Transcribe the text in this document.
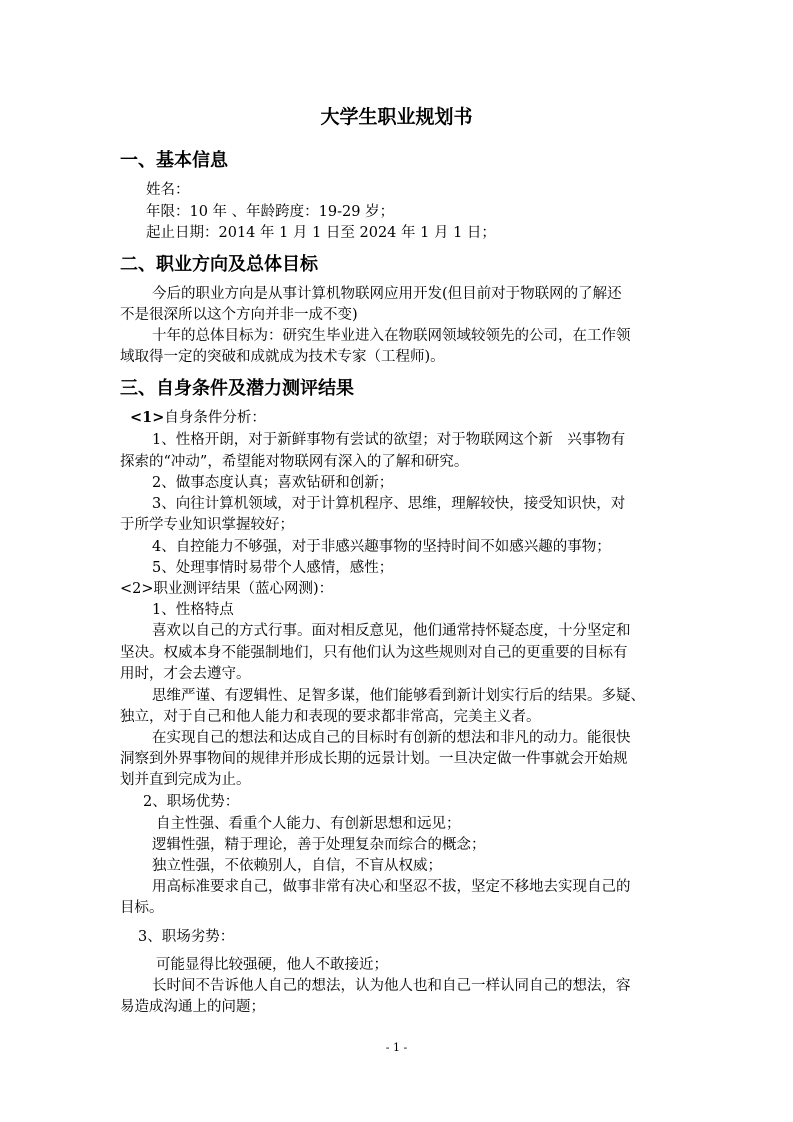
大学生职业规划书
一、基本信息
姓名：
年限：10 年 、年龄跨度：19-29 岁；
起止日期：2014 年 1 月 1 日至 2024 年 1 月 1 日；
二、职业方向及总体目标
今后的职业方向是从事计算机物联网应用开发(但目前对于物联网的了解还
不是很深所以这个方向并非一成不变)
十年的总体目标为：研究生毕业进入在物联网领域较领先的公司，在工作领
域取得一定的突破和成就成为技术专家（工程师)。
三、自身条件及潜力测评结果
<1>自身条件分析：
1、性格开朗，对于新鲜事物有尝试的欲望；对于物联网这个新　兴事物有
探索的“冲动”，希望能对物联网有深入的了解和研究。
2、做事态度认真；喜欢钻研和创新；
3、向往计算机领域，对于计算机程序、思维，理解较快，接受知识快，对
于所学专业知识掌握较好；
4、自控能力不够强，对于非感兴趣事物的坚持时间不如感兴趣的事物；
5、处理事情时易带个人感情，感性；
<2>职业测评结果（蓝心网测)：
1、性格特点
喜欢以自己的方式行事。面对相反意见，他们通常持怀疑态度，十分坚定和
坚决。权威本身不能强制地们，只有他们认为这些规则对自己的更重要的目标有
用时，才会去遵守。
思维严谨、有逻辑性、足智多谋，他们能够看到新计划实行后的结果。多疑、
独立，对于自己和他人能力和表现的要求都非常高，完美主义者。
在实现自己的想法和达成自己的目标时有创新的想法和非凡的动力。能很快
洞察到外界事物间的规律并形成长期的远景计划。一旦决定做一件事就会开始规
划并直到完成为止。
2、职场优势：
自主性强、看重个人能力、有创新思想和远见；
逻辑性强，精于理论，善于处理复杂而综合的概念；
独立性强，不依赖别人，自信，不盲从权威；
用高标准要求自己，做事非常有决心和坚忍不拔，坚定不移地去实现自己的
目标。
3、职场劣势：
可能显得比较强硬，他人不敢接近；
长时间不告诉他人自己的想法，认为他人也和自己一样认同自己的想法，容
易造成沟通上的问题；
- 1 -
